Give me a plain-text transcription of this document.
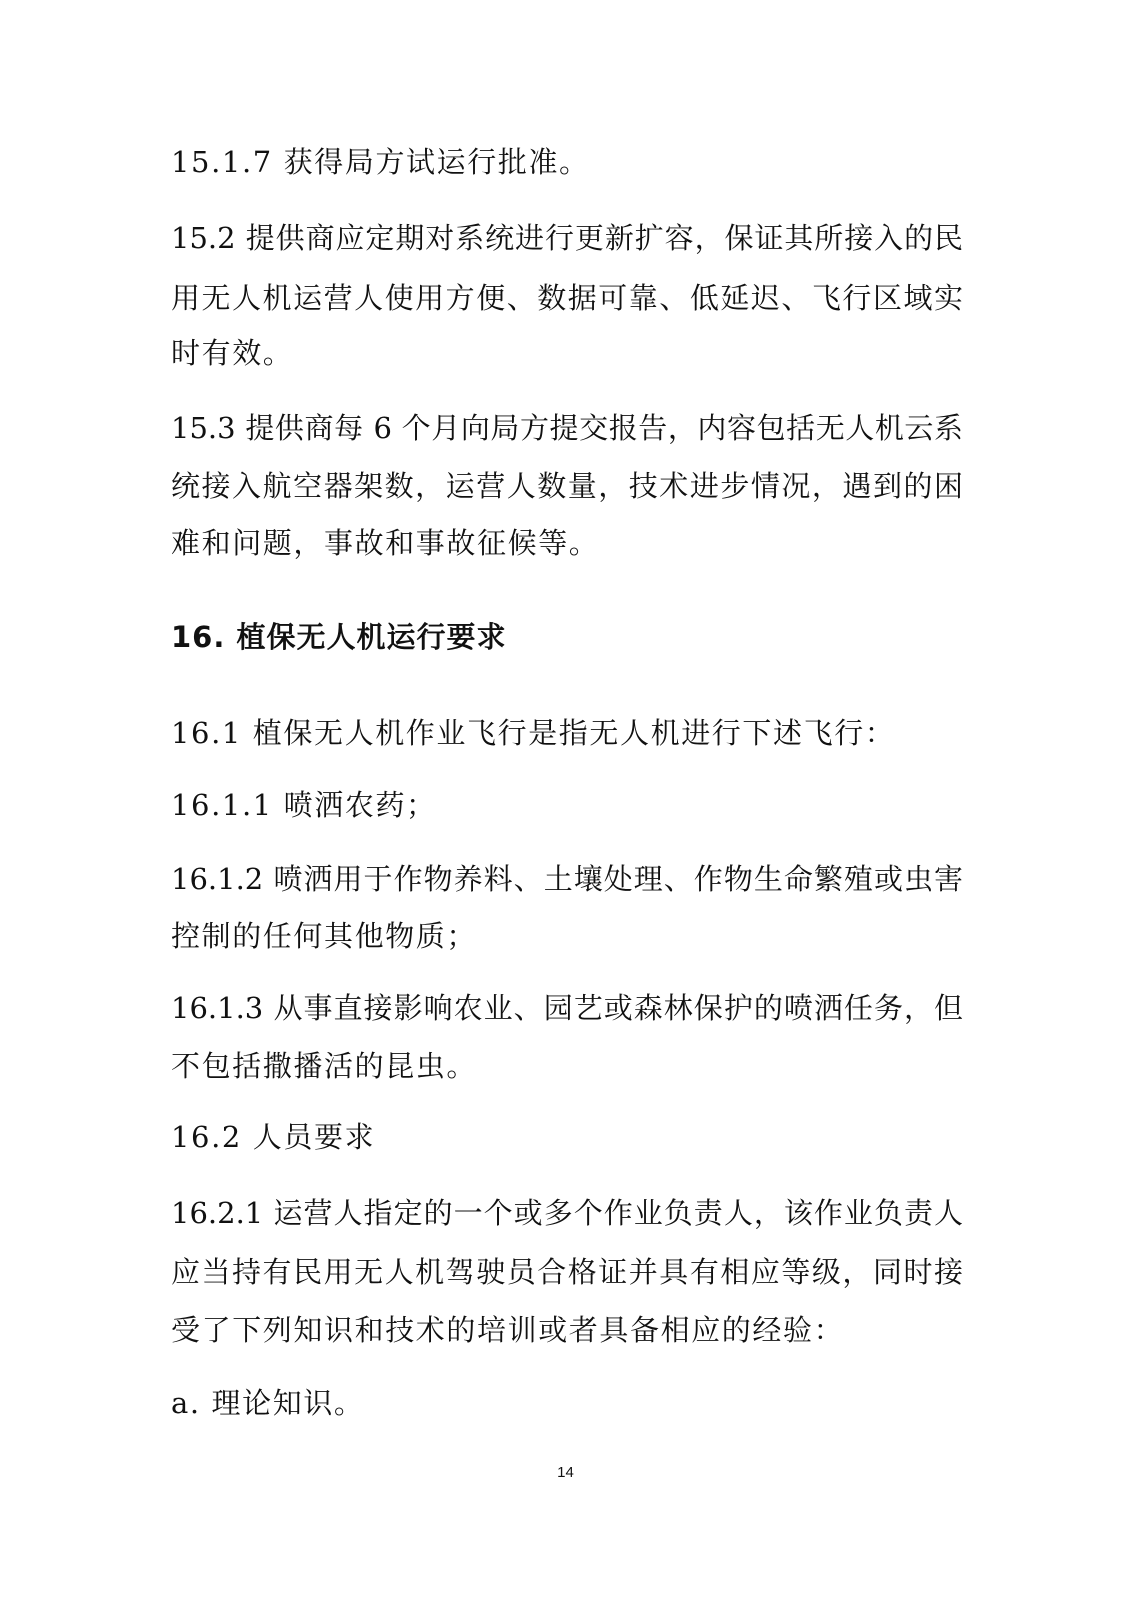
15.1.7 获得局方试运行批准。

15.2 提供商应定期对系统进行更新扩容，保证其所接入的民

用无人机运营人使用方便、数据可靠、低延迟、飞行区域实

时有效。

15.3 提供商每 6 个月向局方提交报告，内容包括无人机云系

统接入航空器架数，运营人数量，技术进步情况，遇到的困

难和问题，事故和事故征候等。

16. 植保无人机运行要求

16.1 植保无人机作业飞行是指无人机进行下述飞行：

16.1.1 喷洒农药；

16.1.2 喷洒用于作物养料、土壤处理、作物生命繁殖或虫害

控制的任何其他物质；

16.1.3 从事直接影响农业、园艺或森林保护的喷洒任务，但

不包括撒播活的昆虫。

16.2 人员要求

16.2.1 运营人指定的一个或多个作业负责人，该作业负责人

应当持有民用无人机驾驶员合格证并具有相应等级，同时接

受了下列知识和技术的培训或者具备相应的经验：

a. 理论知识。

14
